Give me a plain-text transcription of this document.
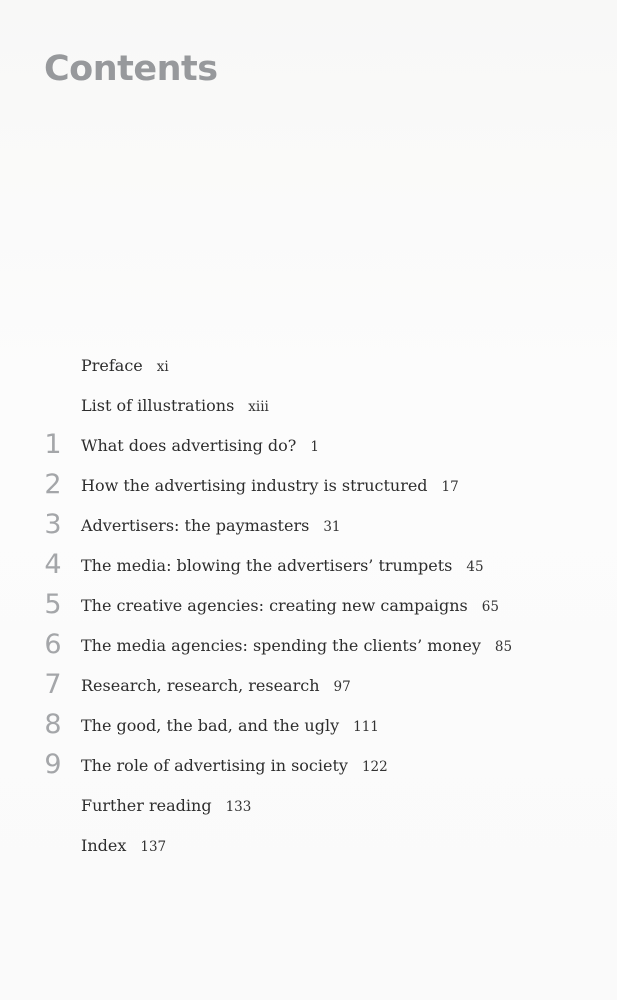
Contents
Preface xi
List of illustrations xiii
1	What does advertising do? 1
2	How the advertising industry is structured 17
3	Advertisers: the paymasters 31
4	The media: blowing the advertisers’ trumpets 45
5	The creative agencies: creating new campaigns 65
6	The media agencies: spending the clients’ money 85
7	Research, research, research 97
8	The good, the bad, and the ugly 111
9	The role of advertising in society 122
Further reading 133
Index 137
